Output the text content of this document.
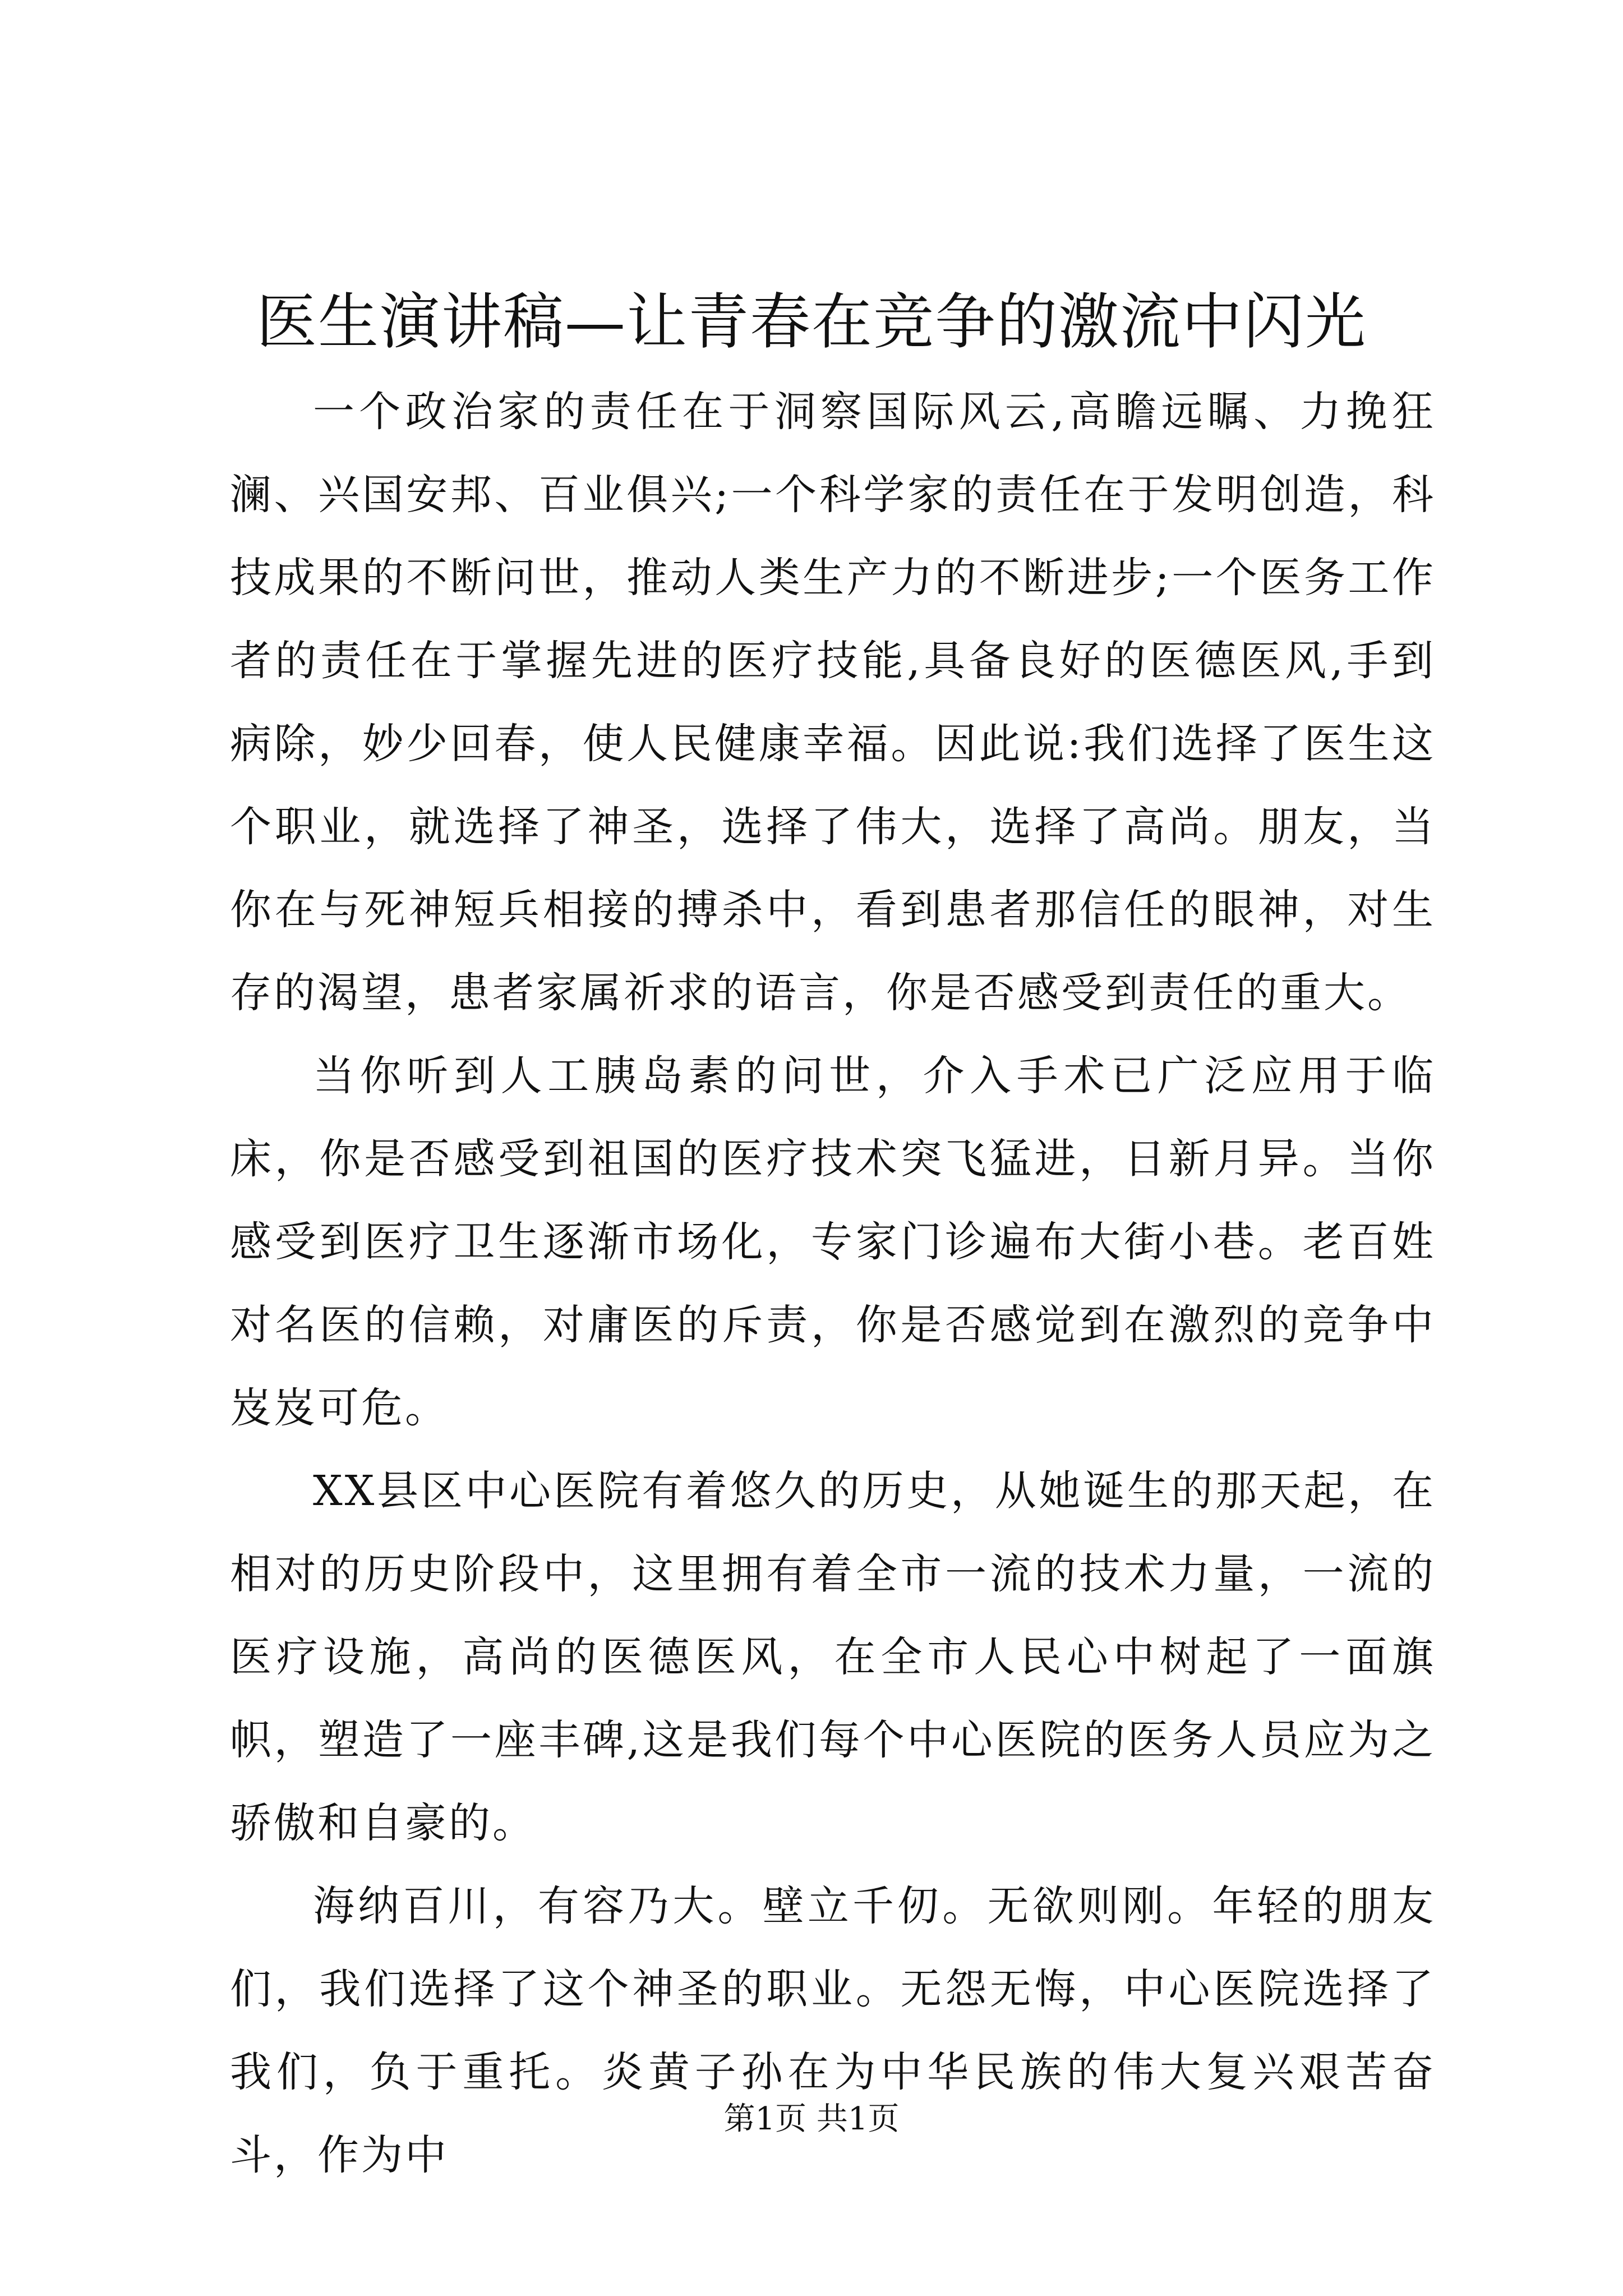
医生演讲稿—让青春在竞争的激流中闪光

一个政治家的责任在于洞察国际风云,高瞻远瞩、力挽狂澜、兴国安邦、百业俱兴;一个科学家的责任在于发明创造，科技成果的不断问世，推动人类生产力的不断进步;一个医务工作者的责任在于掌握先进的医疗技能,具备良好的医德医风,手到病除，妙少回春，使人民健康幸福。因此说:我们选择了医生这个职业，就选择了神圣，选择了伟大，选择了高尚。朋友，当你在与死神短兵相接的搏杀中，看到患者那信任的眼神，对生存的渴望，患者家属祈求的语言，你是否感受到责任的重大。

当你听到人工胰岛素的问世，介入手术已广泛应用于临床，你是否感受到祖国的医疗技术突飞猛进，日新月异。当你感受到医疗卫生逐渐市场化，专家门诊遍布大街小巷。老百姓对名医的信赖，对庸医的斥责，你是否感觉到在激烈的竞争中岌岌可危。

XX县区中心医院有着悠久的历史，从她诞生的那天起，在相对的历史阶段中，这里拥有着全市一流的技术力量，一流的医疗设施，高尚的医德医风，在全市人民心中树起了一面旗帜，塑造了一座丰碑,这是我们每个中心医院的医务人员应为之骄傲和自豪的。

海纳百川，有容乃大。壁立千仞。无欲则刚。年轻的朋友们，我们选择了这个神圣的职业。无怨无悔，中心医院选择了我们，负于重托。炎黄子孙在为中华民族的伟大复兴艰苦奋斗，作为中

第1页 共1页
